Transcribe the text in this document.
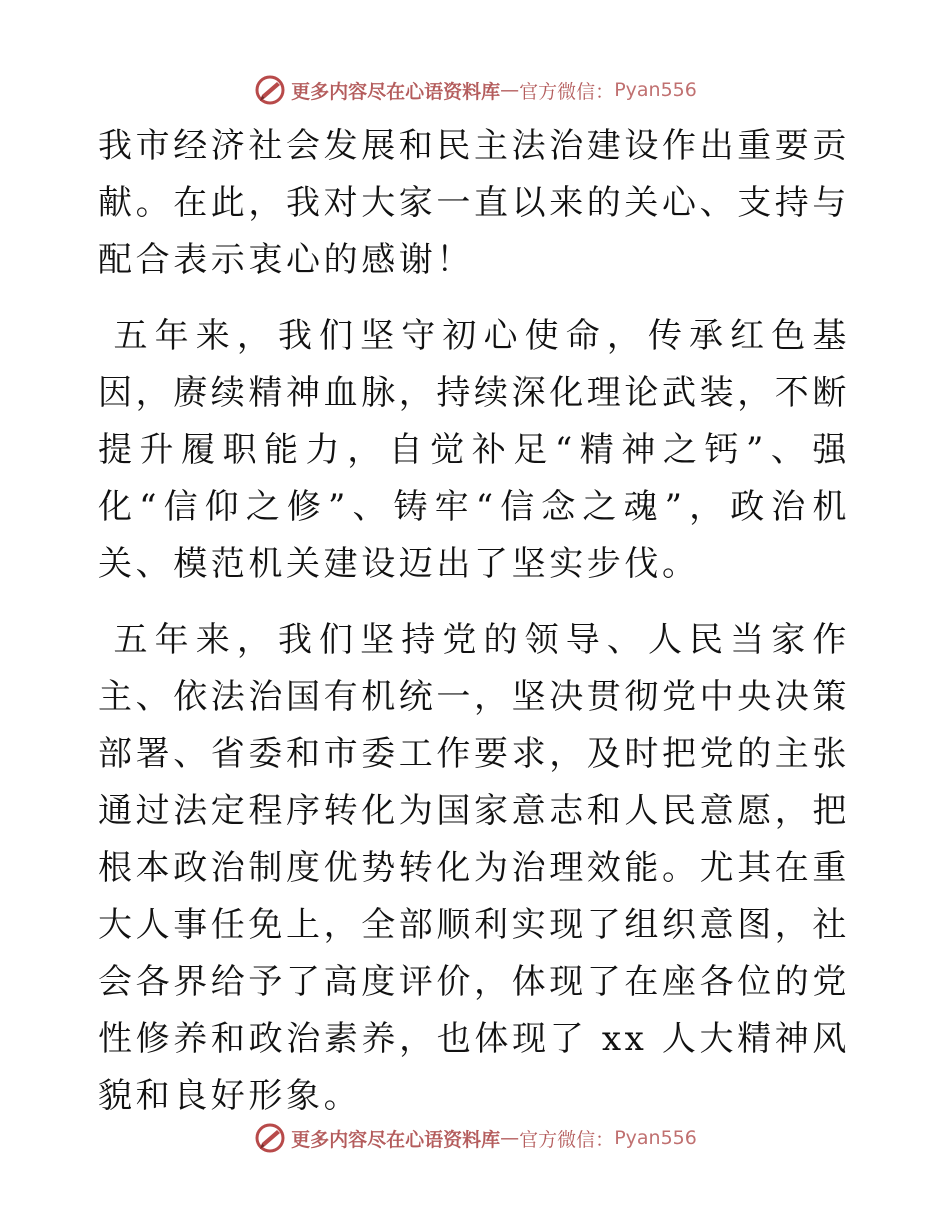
更多内容尽在心语资料库 — 官方微信： Pyan556

我市经济社会发展和民主法治建设作出重要贡献。在此，我对大家一直以来的关心、支持与配合表示衷心的感谢！

五年来，我们坚守初心使命，传承红色基因，赓续精神血脉，持续深化理论武装，不断提升履职能力，自觉补足“精神之钙”、强化“信仰之修”、铸牢“信念之魂”，政治机关、模范机关建设迈出了坚实步伐。

五年来，我们坚持党的领导、人民当家作主、依法治国有机统一，坚决贯彻党中央决策部署、省委和市委工作要求，及时把党的主张通过法定程序转化为国家意志和人民意愿，把根本政治制度优势转化为治理效能。尤其在重大人事任免上，全部顺利实现了组织意图，社会各界给予了高度评价，体现了在座各位的党性修养和政治素养，也体现了 xx 人大精神风貌和良好形象。

更多内容尽在心语资料库 — 官方微信： Pyan556
